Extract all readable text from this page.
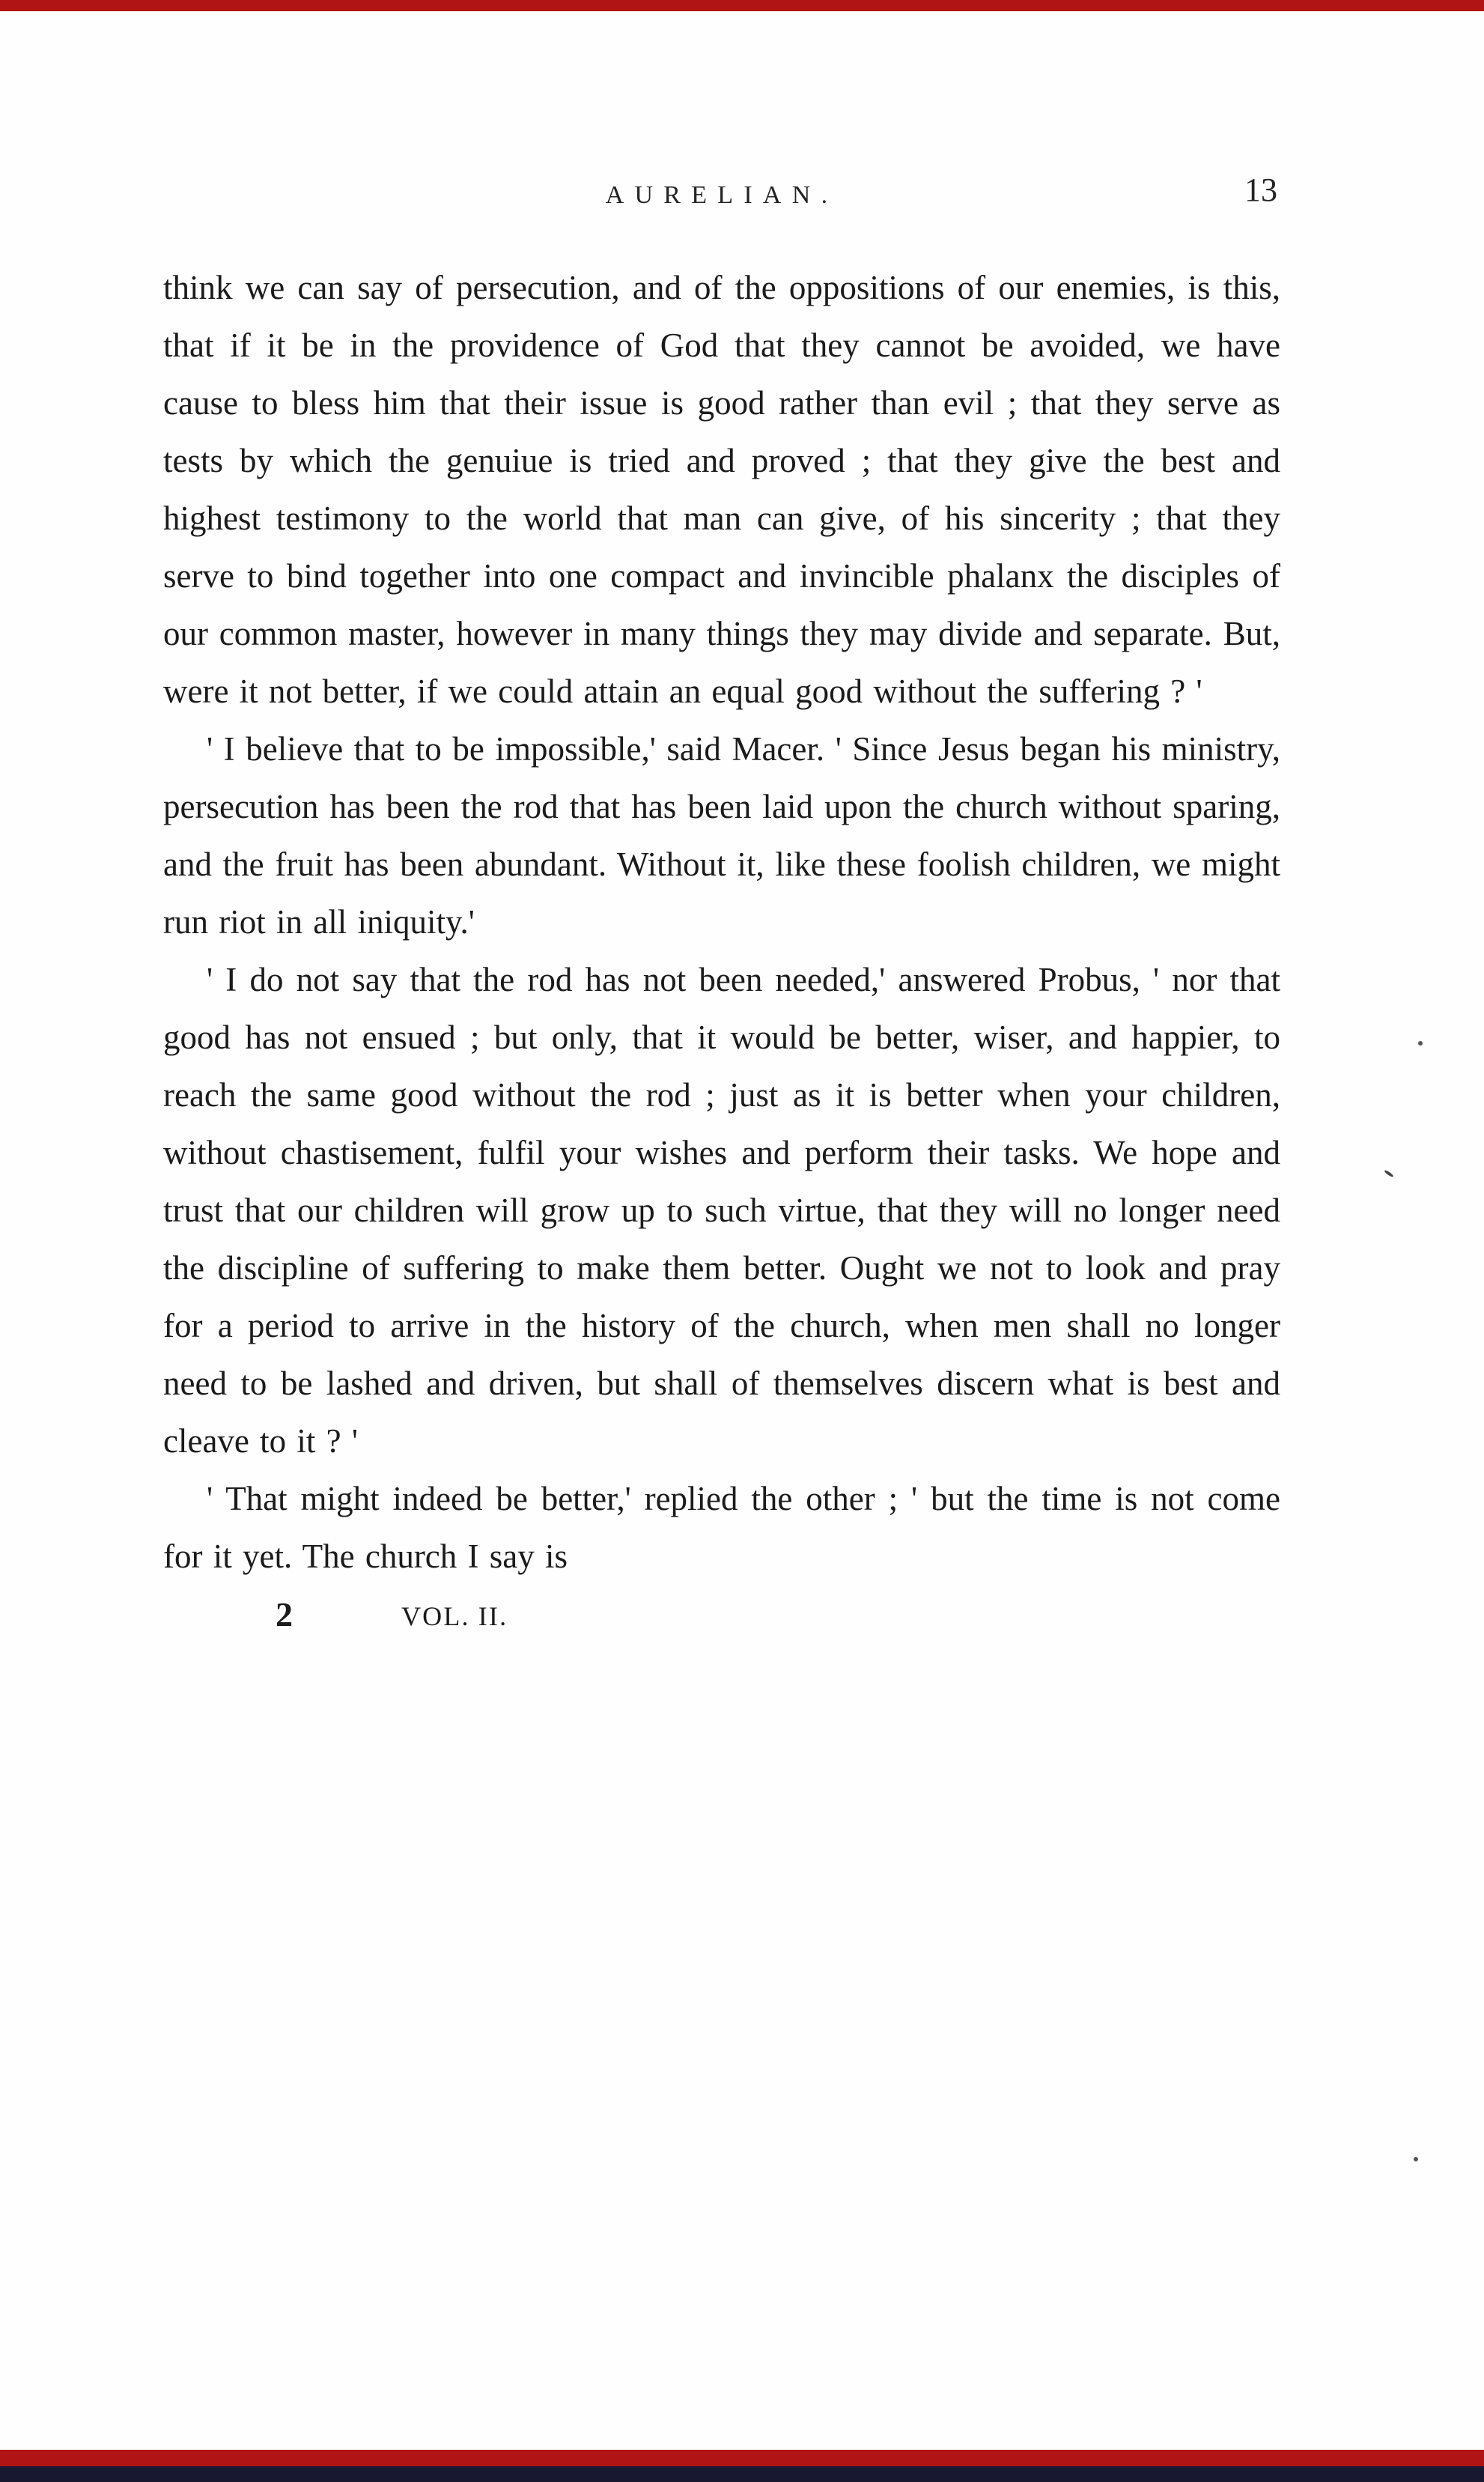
AURELIAN.	13

think we can say of persecution, and of the oppositions of our enemies, is this, that if it be in the providence of God that they cannot be avoided, we have cause to bless him that their issue is good rather than evil ; that they serve as tests by which the genuiue is tried and proved ; that they give the best and highest testimony to the world that man can give, of his sincerity ; that they serve to bind together into one compact and invincible phalanx the disciples of our common master, however in many things they may divide and separate. But, were it not better, if we could attain an equal good without the suffering ? '

' I believe that to be impossible,' said Macer. ' Since Jesus began his ministry, persecution has been the rod that has been laid upon the church without sparing, and the fruit has been abundant. Without it, like these foolish children, we might run riot in all iniquity.'

' I do not say that the rod has not been needed,' answered Probus, ' nor that good has not ensued ; but only, that it would be better, wiser, and happier, to reach the same good without the rod ; just as it is better when your children, without chastisement, fulfil your wishes and perform their tasks. We hope and trust that our children will grow up to such virtue, that they will no longer need the discipline of suffering to make them better. Ought we not to look and pray for a period to arrive in the history of the church, when men shall no longer need to be lashed and driven, but shall of themselves discern what is best and cleave to it ? '

' That might indeed be better,' replied the other ; ' but the time is not come for it yet. The church I say is

2	VOL. II.
